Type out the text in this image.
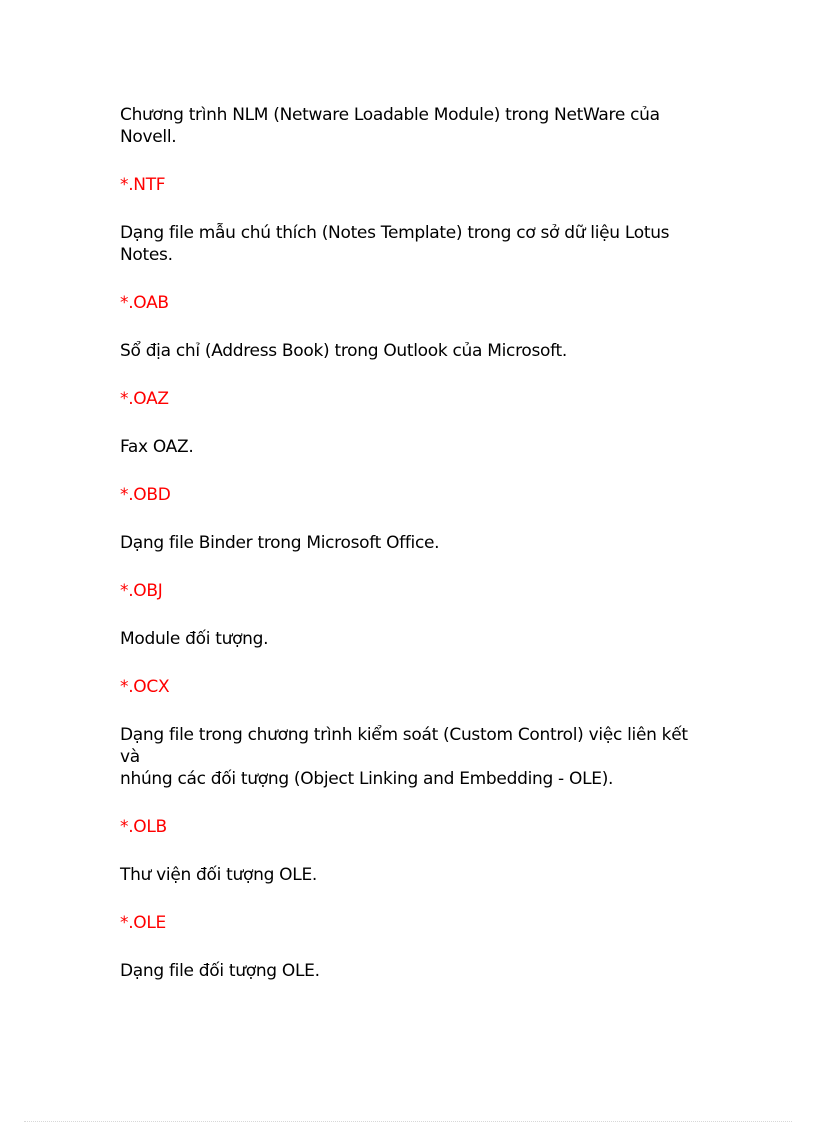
Chương trình NLM (Netware Loadable Module) trong NetWare của
Novell.
*.NTF
Dạng file mẫu chú thích (Notes Template) trong cơ sở dữ liệu Lotus
Notes.
*.OAB
Sổ địa chỉ (Address Book) trong Outlook của Microsoft.
*.OAZ
Fax OAZ.
*.OBD
Dạng file Binder trong Microsoft Office.
*.OBJ
Module đối tượng.
*.OCX
Dạng file trong chương trình kiểm soát (Custom Control) việc liên kết
và
nhúng các đối tượng (Object Linking and Embedding - OLE).
*.OLB
Thư viện đối tượng OLE.
*.OLE
Dạng file đối tượng OLE.
